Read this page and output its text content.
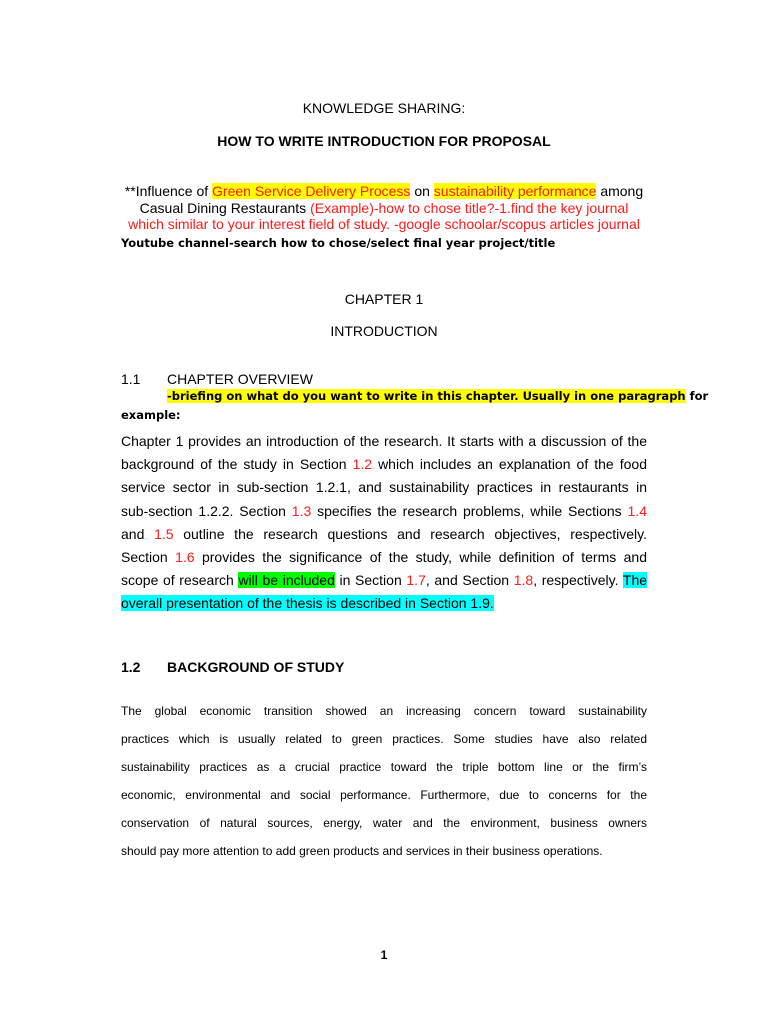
KNOWLEDGE SHARING:
HOW TO WRITE INTRODUCTION FOR PROPOSAL
**Influence of Green Service Delivery Process on sustainability performance among
Casual Dining Restaurants (Example)-how to chose title?-1.find the key journal
which similar to your interest field of study. -google schoolar/scopus articles journal
Youtube channel-search how to chose/select final year project/title
CHAPTER 1
INTRODUCTION
1.1 CHAPTER OVERVIEW
-briefing on what do you want to write in this chapter. Usually in one paragraph for
example:
Chapter 1 provides an introduction of the research. It starts with a discussion of the
background of the study in Section 1.2 which includes an explanation of the food
service sector in sub-section 1.2.1, and sustainability practices in restaurants in
sub-section 1.2.2. Section 1.3 specifies the research problems, while Sections 1.4
and 1.5 outline the research questions and research objectives, respectively.
Section 1.6 provides the significance of the study, while definition of terms and
scope of research will be included in Section 1.7, and Section 1.8, respectively. The
overall presentation of the thesis is described in Section 1.9.
1.2 BACKGROUND OF STUDY
The global economic transition showed an increasing concern toward sustainability
practices which is usually related to green practices. Some studies have also related
sustainability practices as a crucial practice toward the triple bottom line or the firm’s
economic, environmental and social performance. Furthermore, due to concerns for the
conservation of natural sources, energy, water and the environment, business owners
should pay more attention to add green products and services in their business operations.
1
